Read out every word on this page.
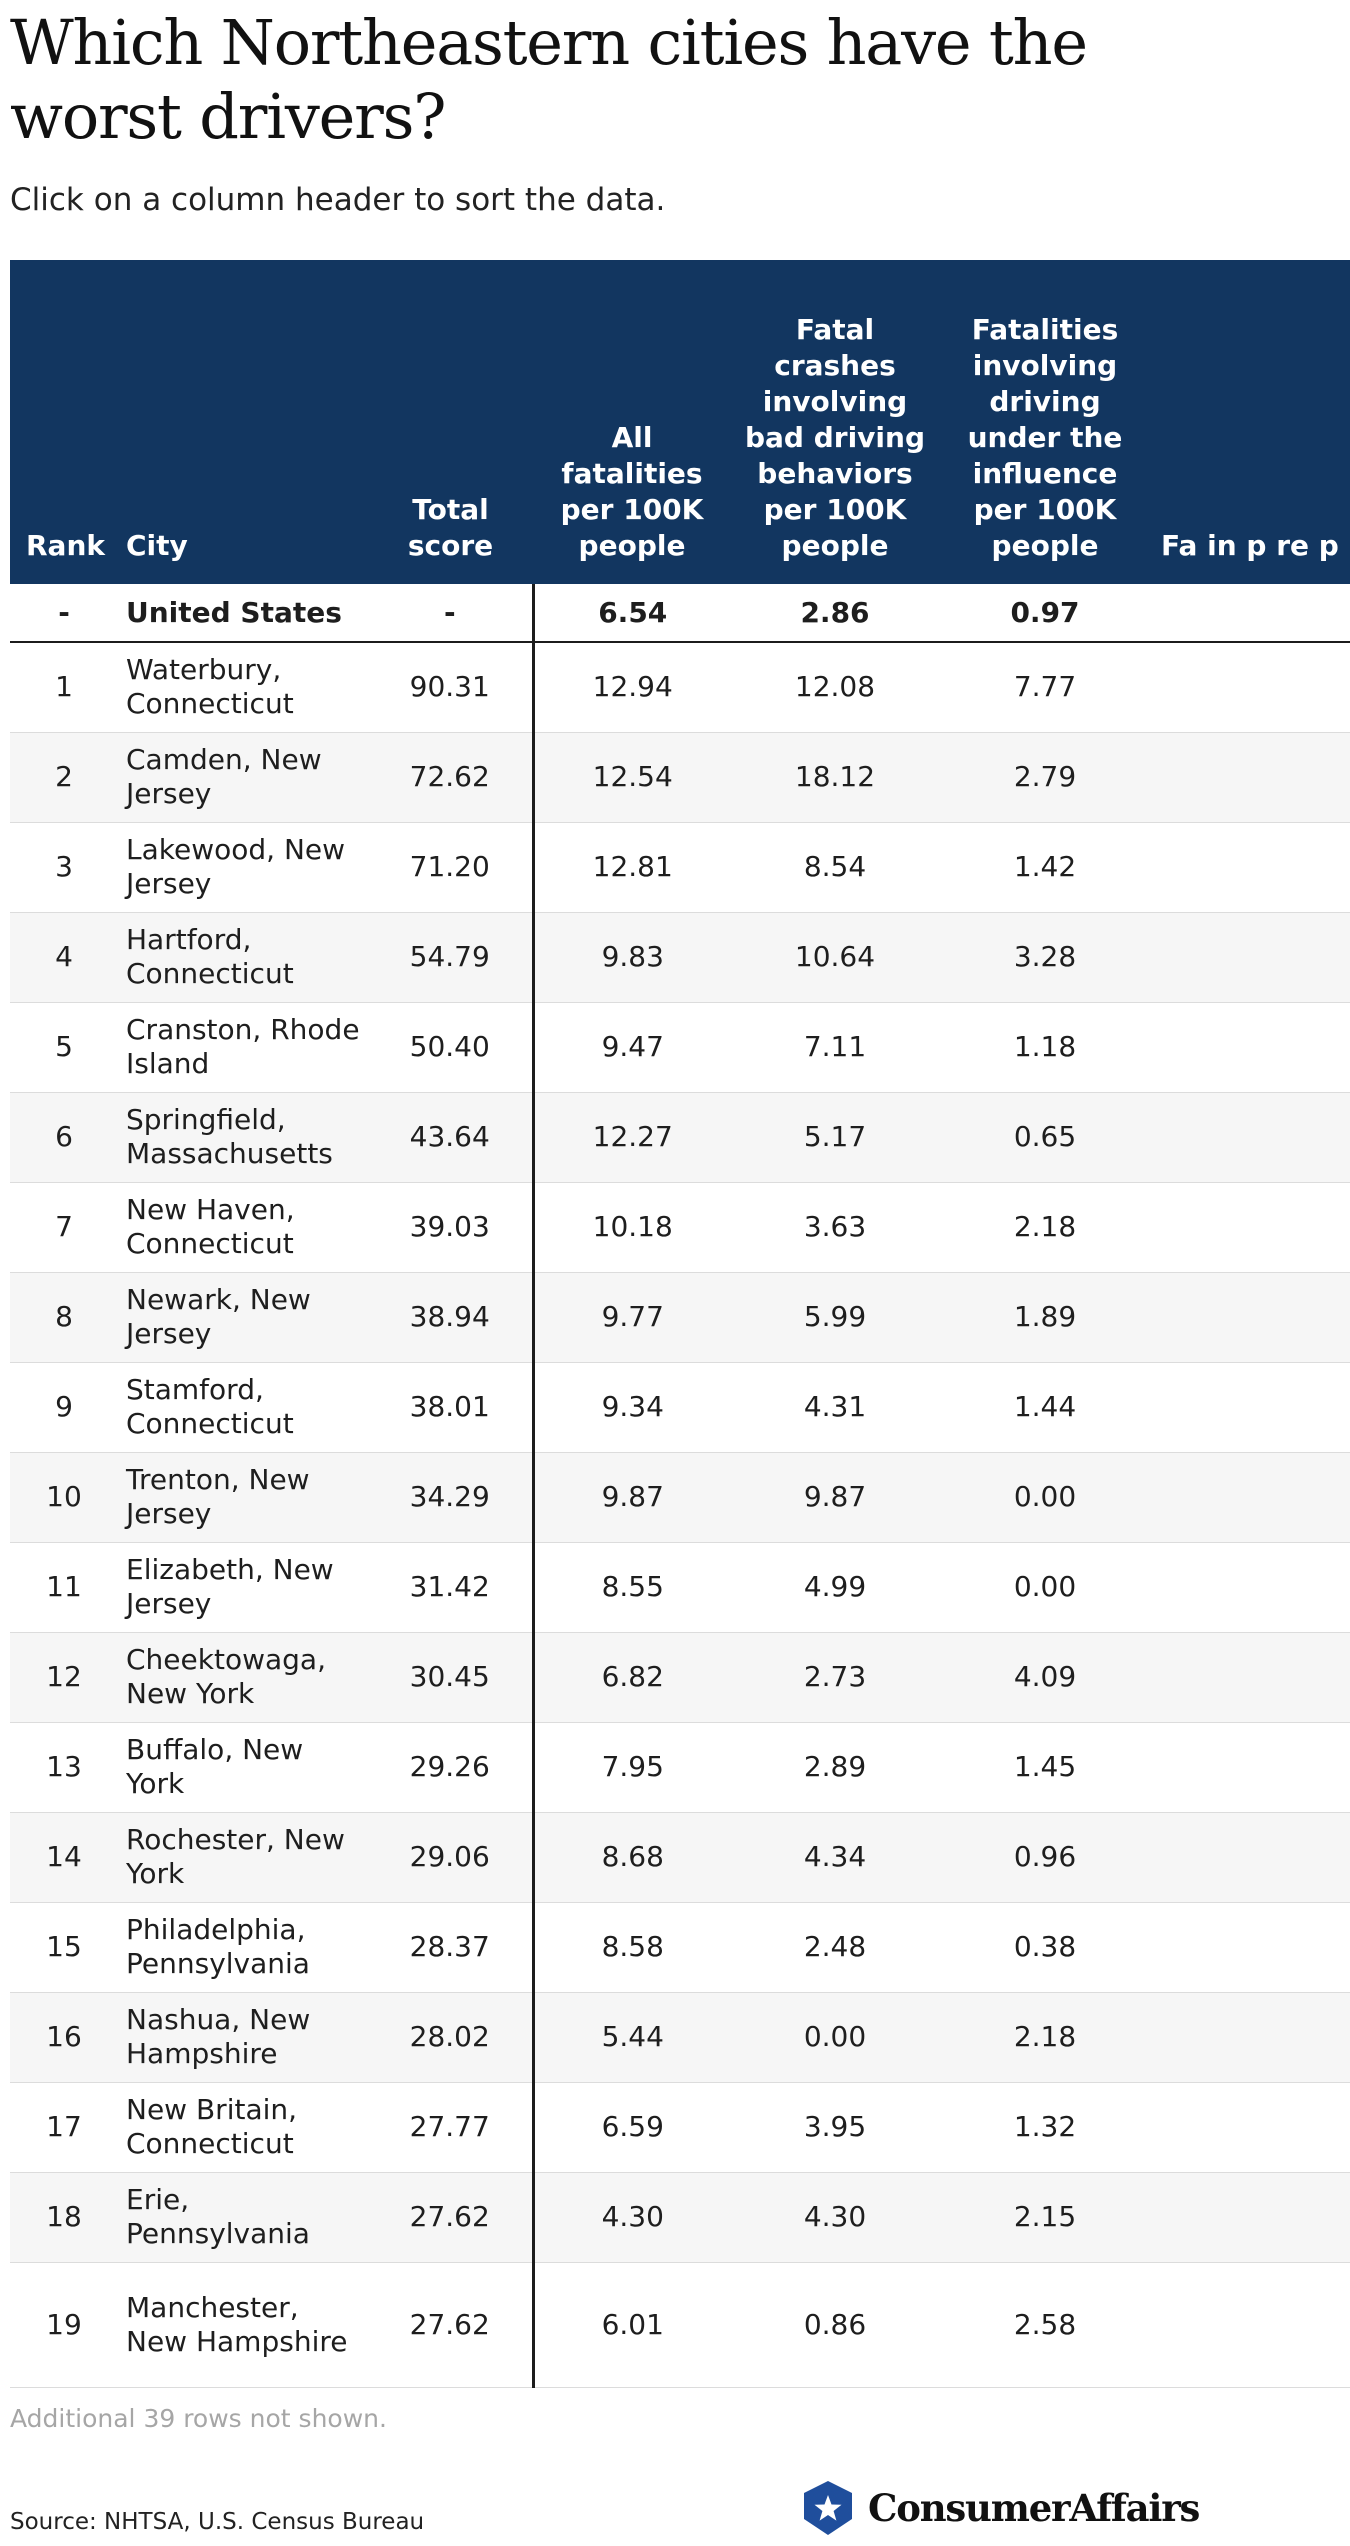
Which Northeastern cities have the worst drivers?

Click on a column header to sort the data.

Rank	City	Total score	All fatalities per 100K people	Fatal crashes involving bad driving behaviors per 100K people	Fatalities involving driving under the influence per 100K people	Fa in p re p
-	United States	-	6.54	2.86	0.97	
1	Waterbury, Connecticut	90.31	12.94	12.08	7.77	
2	Camden, New Jersey	72.62	12.54	18.12	2.79	
3	Lakewood, New Jersey	71.20	12.81	8.54	1.42	
4	Hartford, Connecticut	54.79	9.83	10.64	3.28	
5	Cranston, Rhode Island	50.40	9.47	7.11	1.18	
6	Springfield, Massachusetts	43.64	12.27	5.17	0.65	
7	New Haven, Connecticut	39.03	10.18	3.63	2.18	
8	Newark, New Jersey	38.94	9.77	5.99	1.89	
9	Stamford, Connecticut	38.01	9.34	4.31	1.44	
10	Trenton, New Jersey	34.29	9.87	9.87	0.00	
11	Elizabeth, New Jersey	31.42	8.55	4.99	0.00	
12	Cheektowaga, New York	30.45	6.82	2.73	4.09	
13	Buffalo, New York	29.26	7.95	2.89	1.45	
14	Rochester, New York	29.06	8.68	4.34	0.96	
15	Philadelphia, Pennsylvania	28.37	8.58	2.48	0.38	
16	Nashua, New Hampshire	28.02	5.44	0.00	2.18	
17	New Britain, Connecticut	27.77	6.59	3.95	1.32	
18	Erie, Pennsylvania	27.62	4.30	4.30	2.15	
19	Manchester, New Hampshire	27.62	6.01	0.86	2.58	

Additional 39 rows not shown.

Source: NHTSA, U.S. Census Bureau	ConsumerAffairs
